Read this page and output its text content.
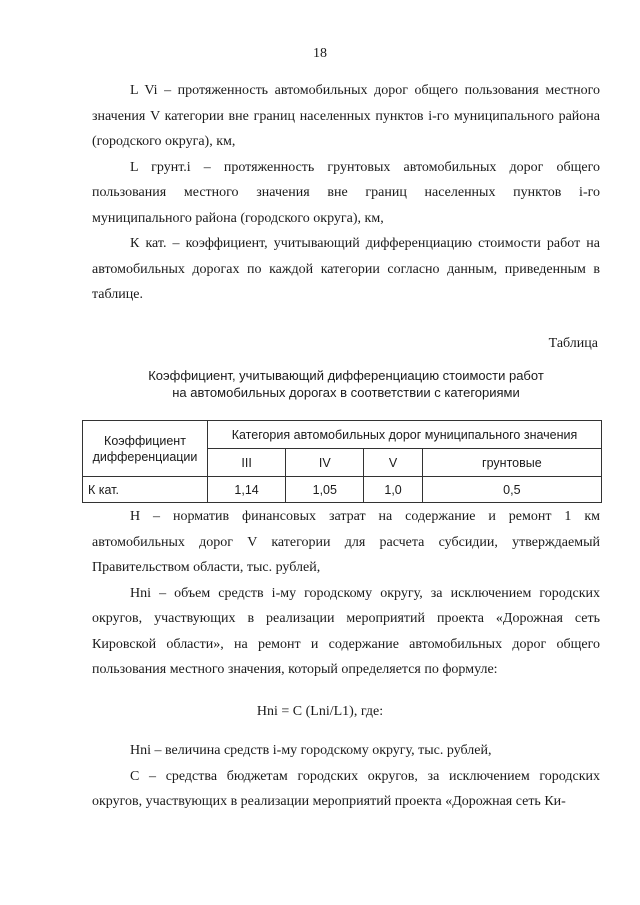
18

L Vi – протяженность автомобильных дорог общего пользования местного значения V категории вне границ населенных пунктов i-го муниципального района (городского округа), км,

L грунт.i – протяженность грунтовых автомобильных дорог общего пользования местного значения вне границ населенных пунктов i-го муниципального района (городского округа), км,

К кат. – коэффициент, учитывающий дифференциацию стоимости работ на автомобильных дорогах по каждой категории согласно данным, приведенным в таблице.

Таблица
Коэффициент, учитывающий дифференциацию стоимости работ
на автомобильных дорогах в соответствии с категориями
Коэффициент дифференциации	Категория автомобильных дорог муниципального значения			
	III	IV	V	грунтовые
К кат.	1,14	1,05	1,0	0,5

Н – норматив финансовых затрат на содержание и ремонт 1 км автомобильных дорог V категории для расчета субсидии, утверждаемый Правительством области, тыс. рублей,

Нni – объем средств i-му городскому округу, за исключением городских округов, участвующих в реализации мероприятий проекта «Дорожная сеть Кировской области», на ремонт и содержание автомобильных дорог общего пользования местного значения, который определяется по формуле:

Нni = С (Lni/L1), где:

Нni – величина средств i-му городскому округу, тыс. рублей,

С – средства бюджетам городских округов, за исключением городских округов, участвующих в реализации мероприятий проекта «Дорожная сеть Ки-
